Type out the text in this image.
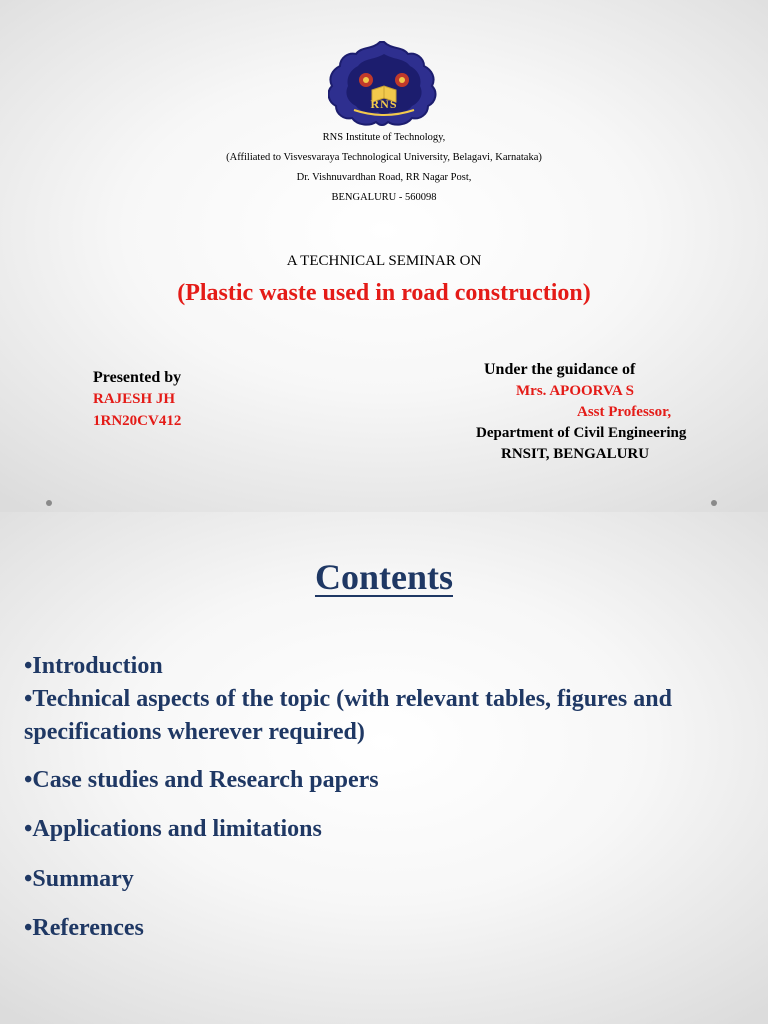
RNS
RNS Institute of Technology,
(Affiliated to Visvesvaraya Technological University, Belagavi, Karnataka)
Dr. Vishnuvardhan Road, RR Nagar Post,
BENGALURU - 560098
A TECHNICAL SEMINAR ON
(Plastic waste used in road construction)
Presented by
RAJESH JH
1RN20CV412
Under the guidance of
Mrs. APOORVA S
Asst Professor,
Department of Civil Engineering
RNSIT, BENGALURU
Contents
•Introduction
•Technical aspects of the topic (with relevant tables, figures and specifications wherever required)
•Case studies and Research papers
•Applications and limitations
•Summary
•References
